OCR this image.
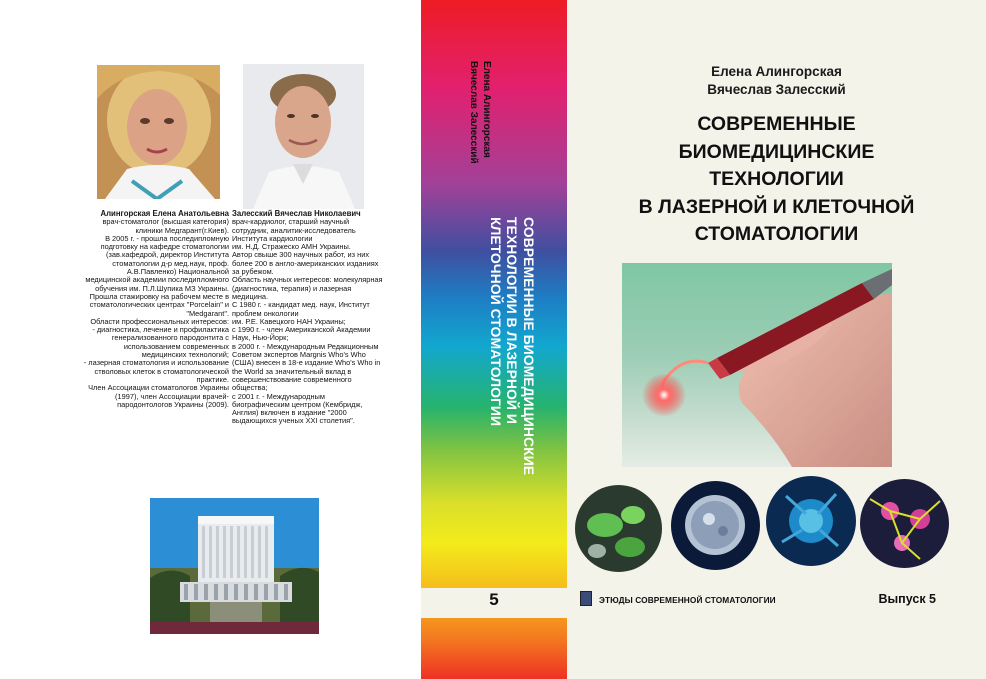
Алингорская Елена Анатольевна

врач-стоматолог (высшая категория)

клиники Медгарант(г.Киев).

В 2005 г. - прошла последипломную

подготовку на кафедре стоматологии

(зав.кафедрой, директор Института

стоматологии д-р мед.наук, проф.

А.В.Павленко) Национальной

медицинской академии последипломного

обучения им. П.Л.Шупика МЗ Украины.

Прошла стажировку на рабочем месте в

стоматологических центрах "Porcelain" и

"Medgarant".

Области профессиональных интересов:

- диагностика, лечение и профилактика

генерализованного пародонтита с

использованием современных

медицинских технологий;

- лазерная стоматология и использование

стволовых клеток в стоматологической

практике.

Член Ассоциации стоматологов Украины

(1997), член Ассоциации врачей-

пародонтологов Украины (2009).

Залесский Вячеслав Николаевич

врач-кардиолог, старший научный

сотрудник, аналитик-исследователь

Института кардиологии

им. Н.Д. Стражеско АМН Украины.

Автор свыше 300 научных работ, из них

более 200 в англо-американских изданиях

за рубежом.

Область научных интересов: молекулярная

(диагностика, терапия) и лазерная

медицина.

С 1980 г. - кандидат мед. наук, Институт

проблем онкологии

им. Р.Е. Кавецкого НАН Украины;

с 1990 г. - член Американской Академии

Наук, Нью-Йорк;

в 2000 г. - Международным Редакционным

Советом экспертов Margnis Who's Who

(США) внесен в 18-е издание Who's Who in

the World за значительный вклад в

совершенствование современного

общества;

с 2001 г. - Международным

биографическим центром (Кембридж,

Англия) включен в издание "2000

выдающихся ученых XXI столетия".

5
Елена Алингорская
Вячеслав Залесский
СОВРЕМЕННЫЕ БИОМЕДИЦИНСКИЕ
ТЕХНОЛОГИИ В ЛАЗЕРНОЙ И
КЛЕТОЧНОЙ СТОМАТОЛОГИИ
Елена Алингорская
Вячеслав Залесский
СОВРЕМЕННЫЕ
БИОМЕДИЦИНСКИЕ
ТЕХНОЛОГИИ
В ЛАЗЕРНОЙ И КЛЕТОЧНОЙ
СТОМАТОЛОГИИ
ЭТЮДЫ СОВРЕМЕННОЙ СТОМАТОЛОГИИ	Выпуск 5
